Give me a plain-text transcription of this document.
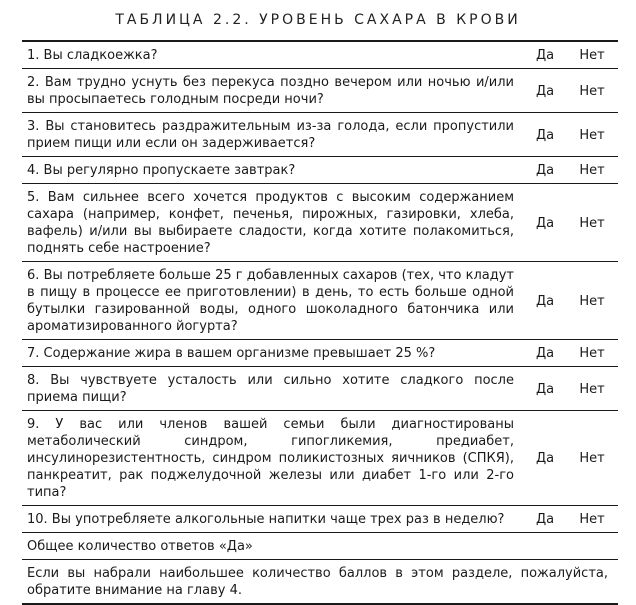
ТАБЛИЦА 2.2. УРОВЕНЬ САХАРА В КРОВИ
1. Вы сладкоежка?	Да	Нет
2. Вам трудно уснуть без перекуса поздно вечером или ночью и/или вы просыпаетесь голодным посреди ночи?	Да	Нет
3. Вы становитесь раздражительным из-за голода, если пропустили прием пищи или если он задерживается?	Да	Нет
4. Вы регулярно пропускаете завтрак?	Да	Нет
5. Вам сильнее всего хочется продуктов с высоким содержанием сахара (например, конфет, печенья, пирожных, газировки, хлеба, вафель) и/или вы выбираете сладости, когда хотите полакомиться, поднять себе настроение?	Да	Нет
6. Вы потребляете больше 25 г добавленных сахаров (тех, что кладут в пищу в процессе ее приготовлении) в день, то есть больше одной бутылки газированной воды, одного шоколадного батончика или ароматизированного йогурта?	Да	Нет
7. Содержание жира в вашем организме превышает 25 %?	Да	Нет
8. Вы чувствуете усталость или сильно хотите сладкого после приема пищи?	Да	Нет
9. У вас или членов вашей семьи были диагностированы метаболический синдром, гипогликемия, предиабет, инсулинорезистентность, синдром поликистозных яичников (СПКЯ), панкреатит, рак поджелудочной железы или диабет 1-го или 2-го типа?	Да	Нет
10. Вы употребляете алкогольные напитки чаще трех раз в неделю?	Да	Нет
Общее количество ответов «Да»		
Если вы набрали наибольшее количество баллов в этом разделе, пожалуйста, обратите внимание на главу 4.		
